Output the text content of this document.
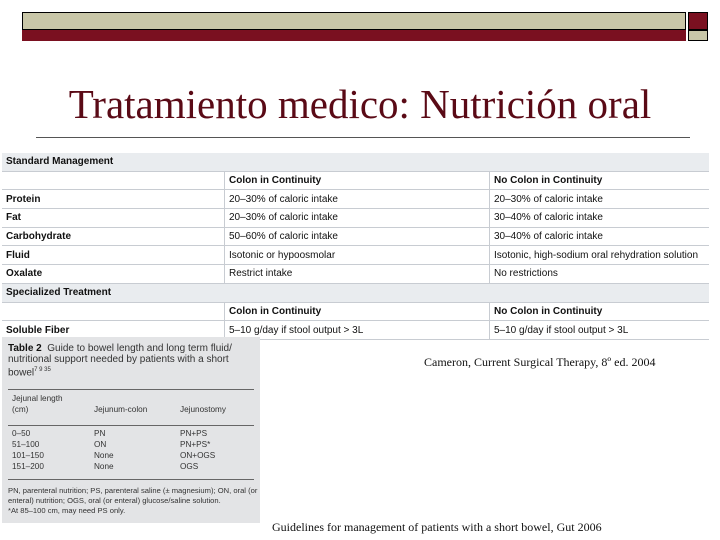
Tratamiento medico: Nutrición oral
Standard Management		
	Colon in Continuity	No Colon in Continuity
Protein	20–30% of caloric intake	20–30% of caloric intake
Fat	20–30% of caloric intake	30–40% of caloric intake
Carbohydrate	50–60% of caloric intake	30–40% of caloric intake
Fluid	Isotonic or hypoosmolar	Isotonic, high-sodium oral rehydration solution
Oxalate	Restrict intake	No restrictions
Specialized Treatment		
	Colon in Continuity	No Colon in Continuity
Soluble Fiber	5–10 g/day if stool output > 3L	5–10 g/day if stool output > 3L
Table 2 Guide to bowel length and long term fluid/ nutritional support needed by patients with a short bowel$^{7 9 35}$
Jejunal length
(cm)	Jejunum-colon	Jejunostomy
0–50	PN	PN+PS
51–100	ON	PN+PS*
101–150	None	ON+OGS
151–200	None	OGS
PN, parenteral nutrition; PS, parenteral saline (± magnesium); ON, oral (or enteral) nutrition; OGS, oral (or enteral) glucose/saline solution.
*At 85–100 cm, may need PS only.
Cameron, Current Surgical Therapy, 8º ed. 2004
Guidelines for management of patients with a short bowel, Gut 2006
